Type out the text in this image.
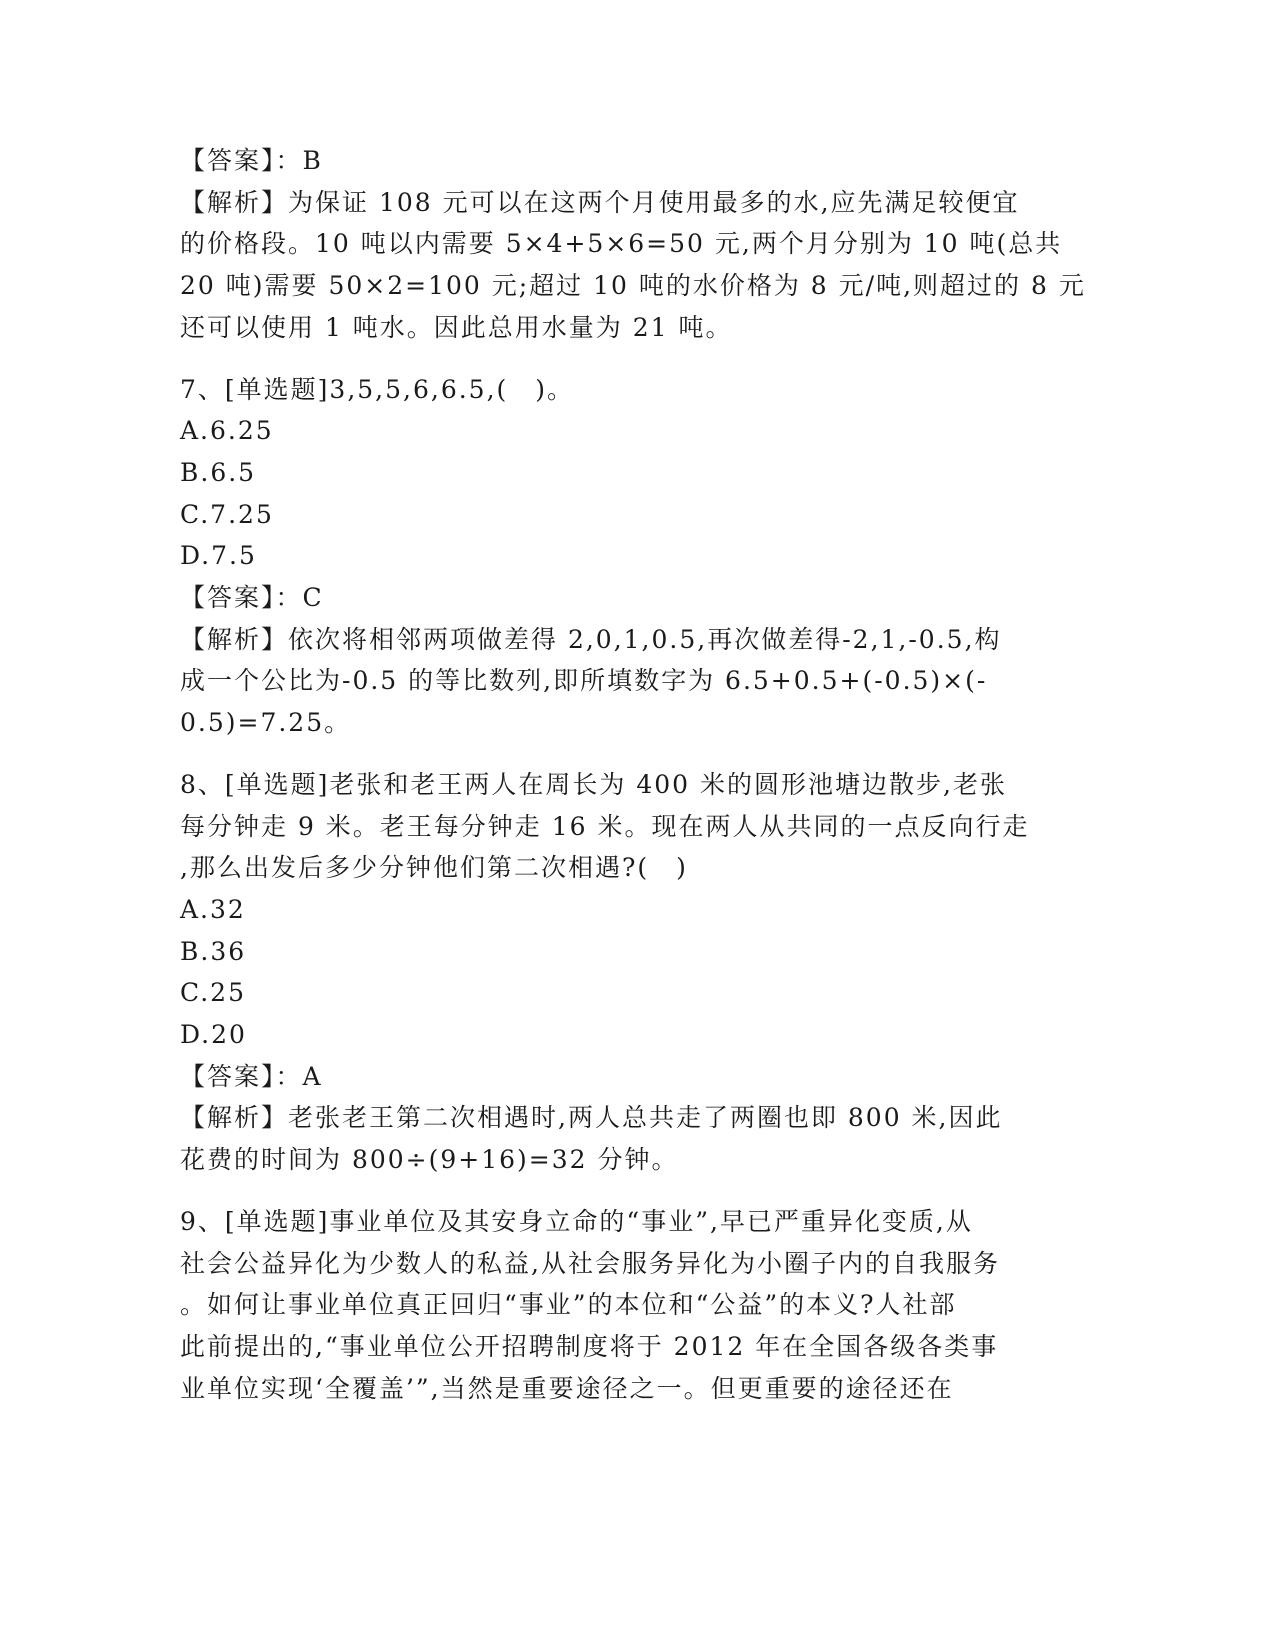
【答案】：B
【解析】为保证 108 元可以在这两个月使用最多的水,应先满足较便宜
的价格段。10 吨以内需要 5×4+5×6=50 元,两个月分别为 10 吨(总共
20 吨)需要 50×2=100 元;超过 10 吨的水价格为 8 元/吨,则超过的 8 元
还可以使用 1 吨水。因此总用水量为 21 吨。
7、[单选题]3,5,5,6,6.5,(　)。
A.6.25
B.6.5
C.7.25
D.7.5
【答案】：C
【解析】依次将相邻两项做差得 2,0,1,0.5,再次做差得-2,1,-0.5,构
成一个公比为-0.5 的等比数列,即所填数字为 6.5+0.5+(-0.5)×(-
0.5)=7.25。
8、[单选题]老张和老王两人在周长为 400 米的圆形池塘边散步,老张
每分钟走 9 米。老王每分钟走 16 米。现在两人从共同的一点反向行走
,那么出发后多少分钟他们第二次相遇?(　)
A.32
B.36
C.25
D.20
【答案】：A
【解析】老张老王第二次相遇时,两人总共走了两圈也即 800 米,因此
花费的时间为 800÷(9+16)=32 分钟。
9、[单选题]事业单位及其安身立命的“事业”,早已严重异化变质,从
社会公益异化为少数人的私益,从社会服务异化为小圈子内的自我服务
。如何让事业单位真正回归“事业”的本位和“公益”的本义?人社部
此前提出的,“事业单位公开招聘制度将于 2012 年在全国各级各类事
业单位实现‘全覆盖’”,当然是重要途径之一。但更重要的途径还在
